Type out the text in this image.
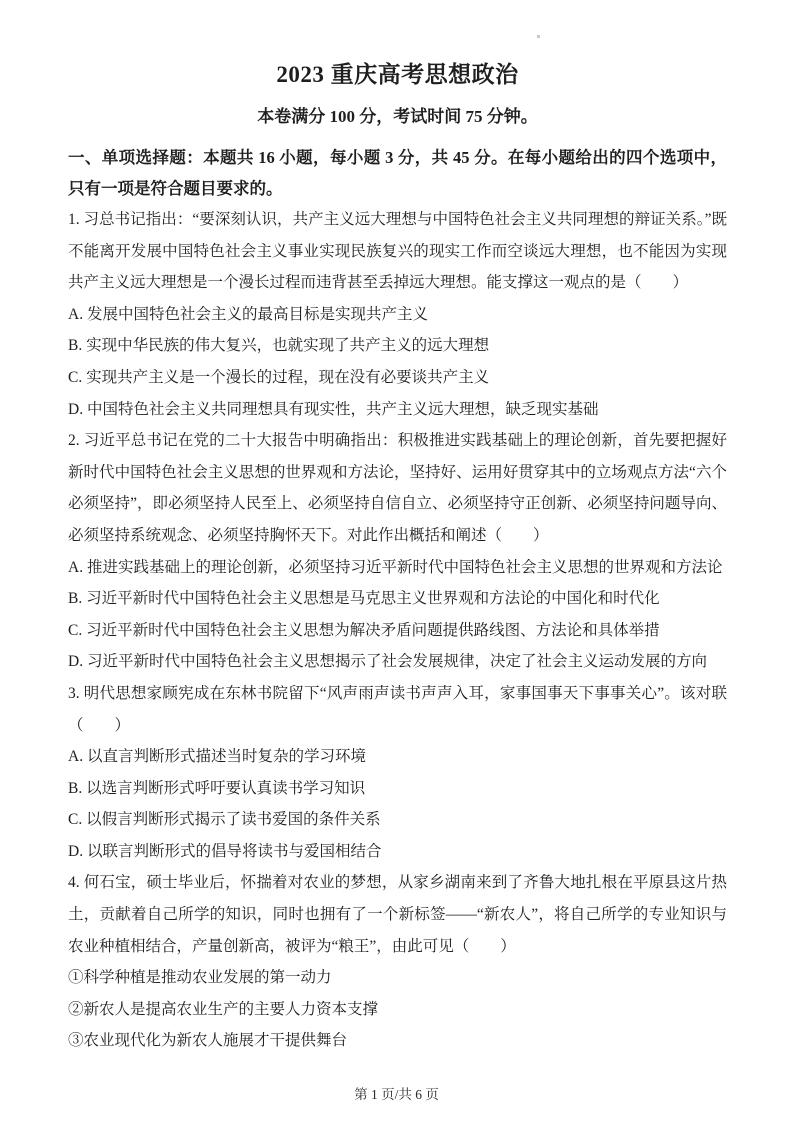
2023 重庆高考思想政治

本卷满分 100 分，考试时间 75 分钟。

一、单项选择题：本题共 16 小题，每小题 3 分，共 45 分。在每小题给出的四个选项中，只有一项是符合题目要求的。

1. 习总书记指出：“要深刻认识，共产主义远大理想与中国特色社会主义共同理想的辩证关系。”既不能离开发展中国特色社会主义事业实现民族复兴的现实工作而空谈远大理想，也不能因为实现共产主义远大理想是一个漫长过程而违背甚至丢掉远大理想。能支撑这一观点的是（　　）

A. 发展中国特色社会主义的最高目标是实现共产主义

B. 实现中华民族的伟大复兴，也就实现了共产主义的远大理想

C. 实现共产主义是一个漫长的过程，现在没有必要谈共产主义

D. 中国特色社会主义共同理想具有现实性，共产主义远大理想，缺乏现实基础

2. 习近平总书记在党的二十大报告中明确指出：积极推进实践基础上的理论创新，首先要把握好新时代中国特色社会主义思想的世界观和方法论，坚持好、运用好贯穿其中的立场观点方法“六个必须坚持”，即必须坚持人民至上、必须坚持自信自立、必须坚持守正创新、必须坚持问题导向、必须坚持系统观念、必须坚持胸怀天下。对此作出概括和阐述（　　）

A. 推进实践基础上的理论创新，必须坚持习近平新时代中国特色社会主义思想的世界观和方法论

B. 习近平新时代中国特色社会主义思想是马克思主义世界观和方法论的中国化和时代化

C. 习近平新时代中国特色社会主义思想为解决矛盾问题提供路线图、方法论和具体举措

D. 习近平新时代中国特色社会主义思想揭示了社会发展规律，决定了社会主义运动发展的方向

3. 明代思想家顾宪成在东林书院留下“风声雨声读书声声入耳，家事国事天下事事关心”。该对联（　　）

A. 以直言判断形式描述当时复杂的学习环境

B. 以选言判断形式呼吁要认真读书学习知识

C. 以假言判断形式揭示了读书爱国的条件关系

D. 以联言判断形式的倡导将读书与爱国相结合

4. 何石宝，硕士毕业后，怀揣着对农业的梦想，从家乡湖南来到了齐鲁大地扎根在平原县这片热土，贡献着自己所学的知识，同时也拥有了一个新标签——“新农人”，将自己所学的专业知识与农业种植相结合，产量创新高，被评为“粮王”，由此可见（　　）

①科学种植是推动农业发展的第一动力

②新农人是提高农业生产的主要人力资本支撑

③农业现代化为新农人施展才干提供舞台

第 1 页/共 6 页
